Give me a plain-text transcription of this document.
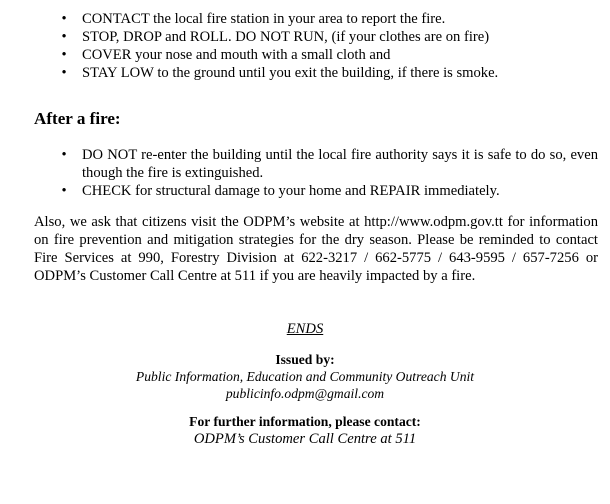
• CONTACT the local fire station in your area to report the fire.
• STOP, DROP and ROLL. DO NOT RUN, (if your clothes are on fire)
• COVER your nose and mouth with a small cloth and
• STAY LOW to the ground until you exit the building, if there is smoke.
After a fire:
• DO NOT re-enter the building until the local fire authority says it is safe to do so, even though the fire is extinguished.
• CHECK for structural damage to your home and REPAIR immediately.

Also, we ask that citizens visit the ODPM’s website at http://www.odpm.gov.tt for information on fire prevention and mitigation strategies for the dry season. Please be reminded to contact Fire Services at 990, Forestry Division at 622-3217 / 662-5775 / 643-9595 / 657-7256 or ODPM’s Customer Call Centre at 511 if you are heavily impacted by a fire.

ENDS

Issued by:

Public Information, Education and Community Outreach Unit

publicinfo.odpm@gmail.com

For further information, please contact:

ODPM’s Customer Call Centre at 511
